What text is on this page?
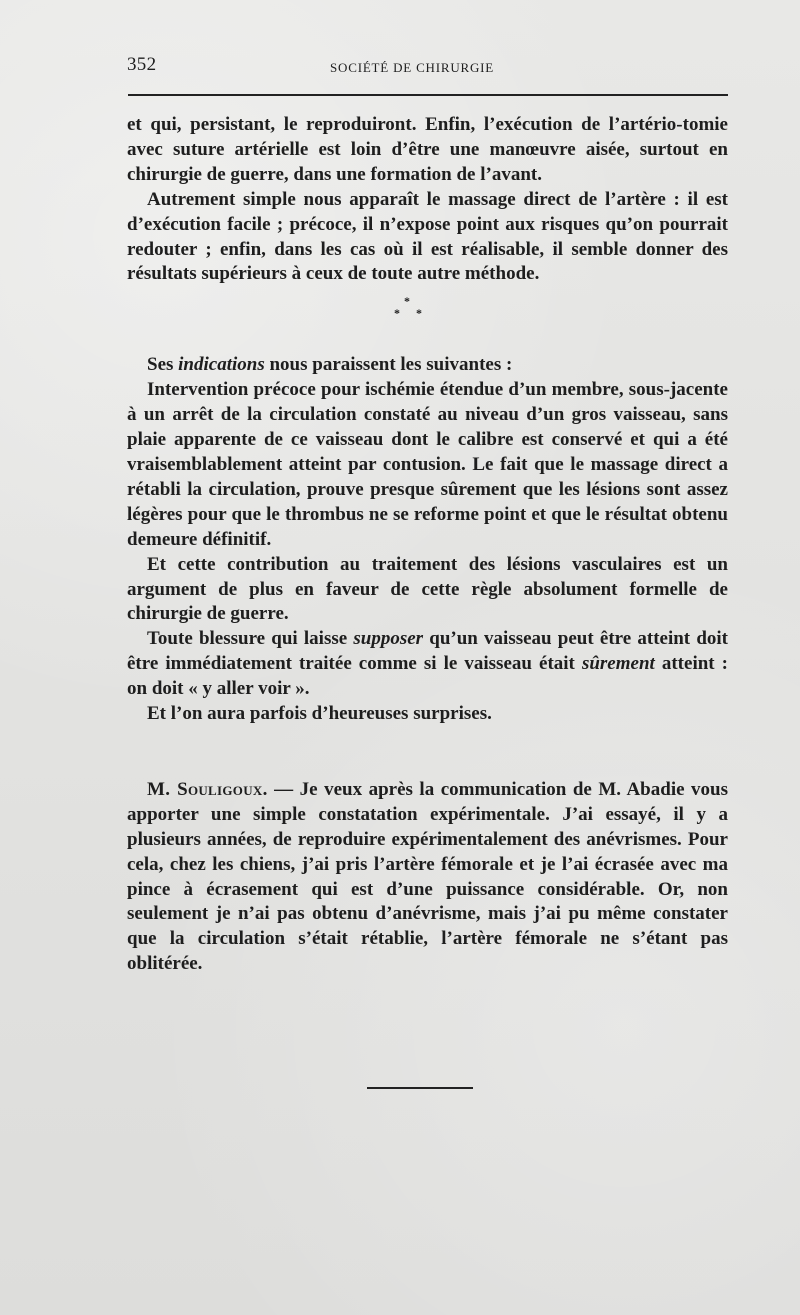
352	SOCIÉTÉ DE CHIRURGIE

et qui, persistant, le reproduiront. Enfin, l’exécution de l’artério-tomie avec suture artérielle est loin d’être une manœuvre aisée, surtout en chirurgie de guerre, dans une formation de l’avant.

Autrement simple nous apparaît le massage direct de l’artère : il est d’exécution facile ; précoce, il n’expose point aux risques qu’on pourrait redouter ; enfin, dans les cas où il est réalisable, il semble donner des résultats supérieurs à ceux de toute autre méthode.

*
* *

Ses indications nous paraissent les suivantes :

Intervention précoce pour ischémie étendue d’un membre, sous-jacente à un arrêt de la circulation constaté au niveau d’un gros vaisseau, sans plaie apparente de ce vaisseau dont le calibre est conservé et qui a été vraisemblablement atteint par contusion. Le fait que le massage direct a rétabli la circulation, prouve presque sûrement que les lésions sont assez légères pour que le thrombus ne se reforme point et que le résultat obtenu demeure définitif.

Et cette contribution au traitement des lésions vasculaires est un argument de plus en faveur de cette règle absolument formelle de chirurgie de guerre.

Toute blessure qui laisse supposer qu’un vaisseau peut être atteint doit être immédiatement traitée comme si le vaisseau était sûrement atteint : on doit « y aller voir ».

Et l’on aura parfois d’heureuses surprises.

M. Souligoux. — Je veux après la communication de M. Abadie vous apporter une simple constatation expérimentale. J’ai essayé, il y a plusieurs années, de reproduire expérimentalement des anévrismes. Pour cela, chez les chiens, j’ai pris l’artère fémorale et je l’ai écrasée avec ma pince à écrasement qui est d’une puissance considérable. Or, non seulement je n’ai pas obtenu d’anévrisme, mais j’ai pu même constater que la circulation s’était rétablie, l’artère fémorale ne s’étant pas oblitérée.
